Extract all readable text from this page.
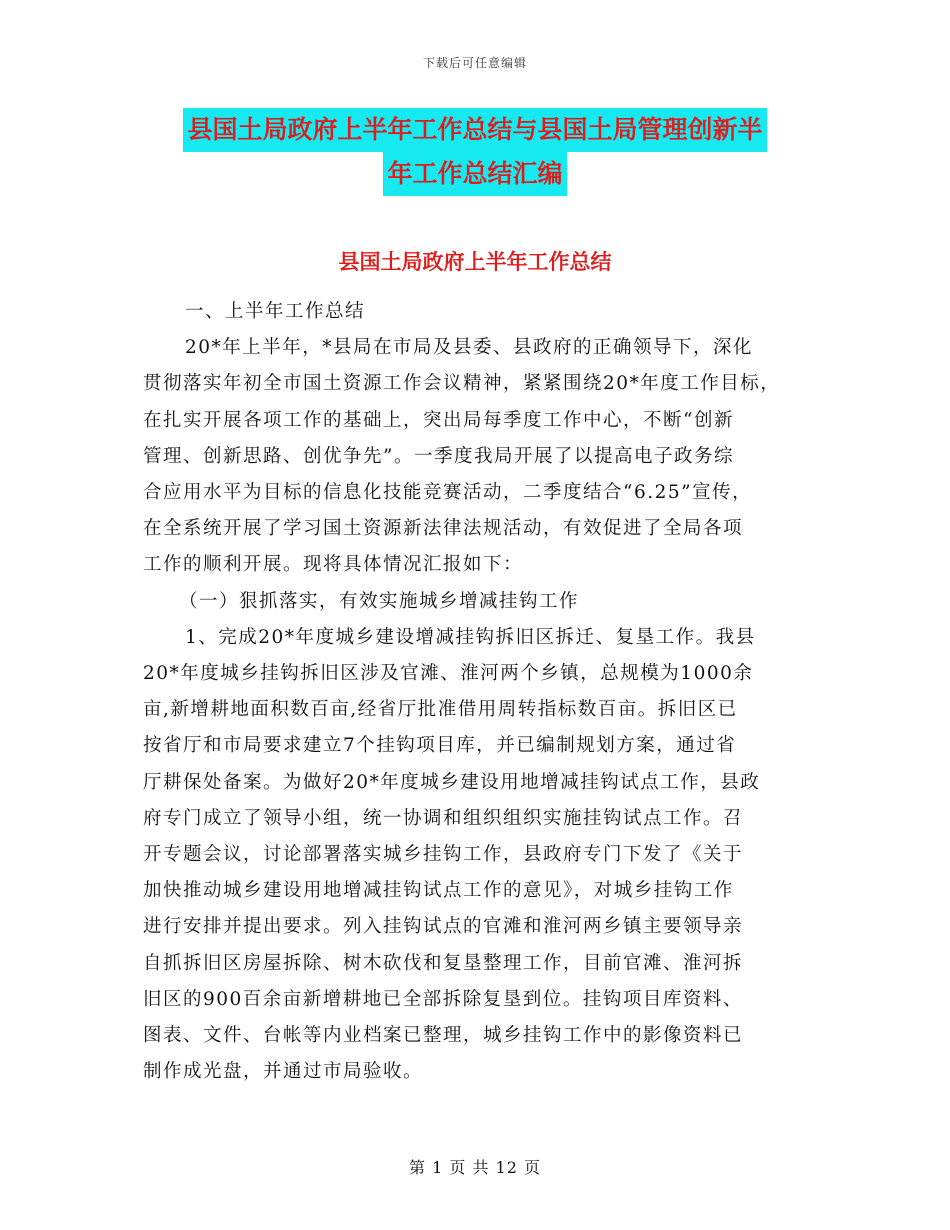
下载后可任意编辑
县国土局政府上半年工作总结与县国土局管理创新半
年工作总结汇编
县国土局政府上半年工作总结
一、上半年工作总结
20*年上半年，*县局在市局及县委、县政府的正确领导下，深化
贯彻落实年初全市国土资源工作会议精神，紧紧围绕20*年度工作目标，
在扎实开展各项工作的基础上，突出局每季度工作中心，不断“创新
管理、创新思路、创优争先”。一季度我局开展了以提高电子政务综
合应用水平为目标的信息化技能竞赛活动，二季度结合“6.25”宣传，
在全系统开展了学习国土资源新法律法规活动，有效促进了全局各项
工作的顺利开展。现将具体情况汇报如下：
（一）狠抓落实，有效实施城乡增减挂钩工作
1、完成20*年度城乡建设增减挂钩拆旧区拆迁、复垦工作。我县
20*年度城乡挂钩拆旧区涉及官滩、淮河两个乡镇，总规模为1000余
亩,新增耕地面积数百亩,经省厅批准借用周转指标数百亩。拆旧区已
按省厅和市局要求建立7个挂钩项目库，并已编制规划方案，通过省
厅耕保处备案。为做好20*年度城乡建设用地增减挂钩试点工作，县政
府专门成立了领导小组，统一协调和组织组织实施挂钩试点工作。召
开专题会议，讨论部署落实城乡挂钩工作，县政府专门下发了《关于
加快推动城乡建设用地增减挂钩试点工作的意见》，对城乡挂钩工作
进行安排并提出要求。列入挂钩试点的官滩和淮河两乡镇主要领导亲
自抓拆旧区房屋拆除、树木砍伐和复垦整理工作，目前官滩、淮河拆
旧区的900百余亩新增耕地已全部拆除复垦到位。挂钩项目库资料、
图表、文件、台帐等内业档案已整理，城乡挂钩工作中的影像资料已
制作成光盘，并通过市局验收。
第 1 页 共 12 页
